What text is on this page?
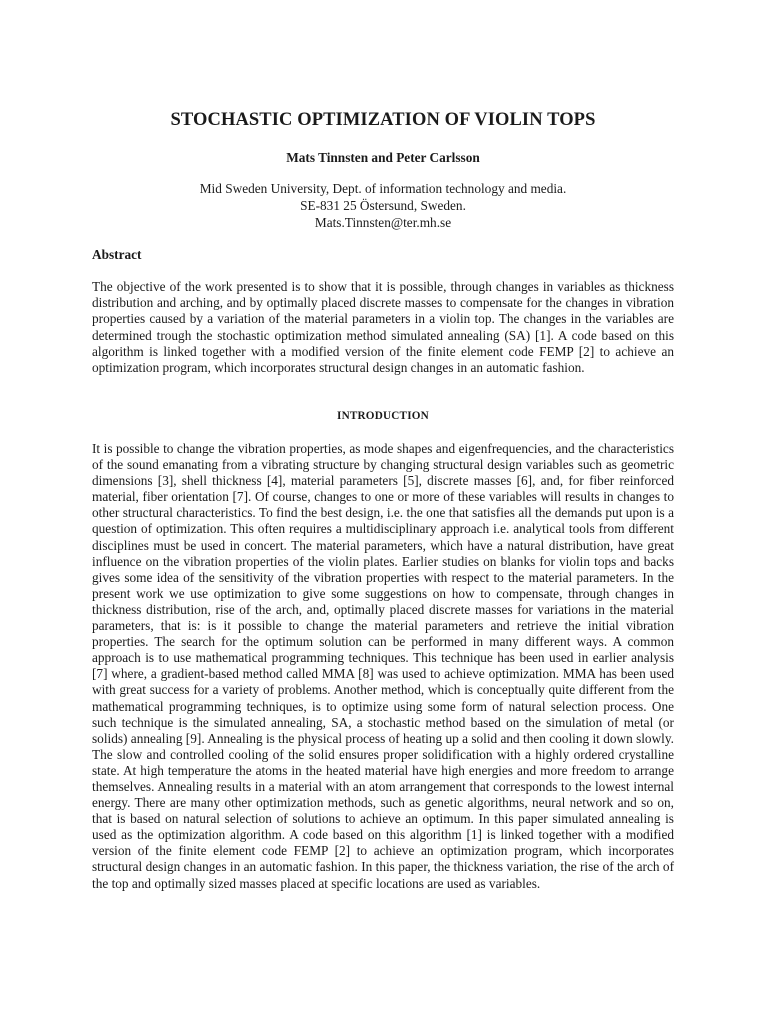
STOCHASTIC OPTIMIZATION OF VIOLIN TOPS

Mats Tinnsten and Peter Carlsson

Mid Sweden University, Dept. of information technology and media.
SE-831 25 Östersund, Sweden.
Mats.Tinnsten@ter.mh.se
Abstract

The objective of the work presented is to show that it is possible, through changes in variables as thickness distribution and arching, and by optimally placed discrete masses to compensate for the changes in vibration properties caused by a variation of the material parameters in a violin top. The changes in the variables are determined trough the stochastic optimization method simulated annealing (SA) [1]. A code based on this algorithm is linked together with a modified version of the finite element code FEMP [2] to achieve an optimization program, which incorporates structural design changes in an automatic fashion.

INTRODUCTION

It is possible to change the vibration properties, as mode shapes and eigenfrequencies, and the characteristics of the sound emanating from a vibrating structure by changing structural design variables such as geometric dimensions [3], shell thickness [4], material parameters [5], discrete masses [6], and, for fiber reinforced material, fiber orientation [7]. Of course, changes to one or more of these variables will results in changes to other structural characteristics. To find the best design, i.e. the one that satisfies all the demands put upon is a question of optimization. This often requires a multidisciplinary approach i.e. analytical tools from different disciplines must be used in concert. The material parameters, which have a natural distribution, have great influence on the vibration properties of the violin plates. Earlier studies on blanks for violin tops and backs gives some idea of the sensitivity of the vibration properties with respect to the material parameters. In the present work we use optimization to give some suggestions on how to compensate, through changes in thickness distribution, rise of the arch, and, optimally placed discrete masses for variations in the material parameters, that is: is it possible to change the material parameters and retrieve the initial vibration properties. The search for the optimum solution can be performed in many different ways. A common approach is to use mathematical programming techniques. This technique has been used in earlier analysis [7] where, a gradient-based method called MMA [8] was used to achieve optimization. MMA has been used with great success for a variety of problems. Another method, which is conceptually quite different from the mathematical programming techniques, is to optimize using some form of natural selection process. One such technique is the simulated annealing, SA, a stochastic method based on the simulation of metal (or solids) annealing [9]. Annealing is the physical process of heating up a solid and then cooling it down slowly. The slow and controlled cooling of the solid ensures proper solidification with a highly ordered crystalline state. At high temperature the atoms in the heated material have high energies and more freedom to arrange themselves. Annealing results in a material with an atom arrangement that corresponds to the lowest internal energy. There are many other optimization methods, such as genetic algorithms, neural network and so on, that is based on natural selection of solutions to achieve an optimum. In this paper simulated annealing is used as the optimization algorithm. A code based on this algorithm [1] is linked together with a modified version of the finite element code FEMP [2] to achieve an optimization program, which incorporates structural design changes in an automatic fashion. In this paper, the thickness variation, the rise of the arch of the top and optimally sized masses placed at specific locations are used as variables.
